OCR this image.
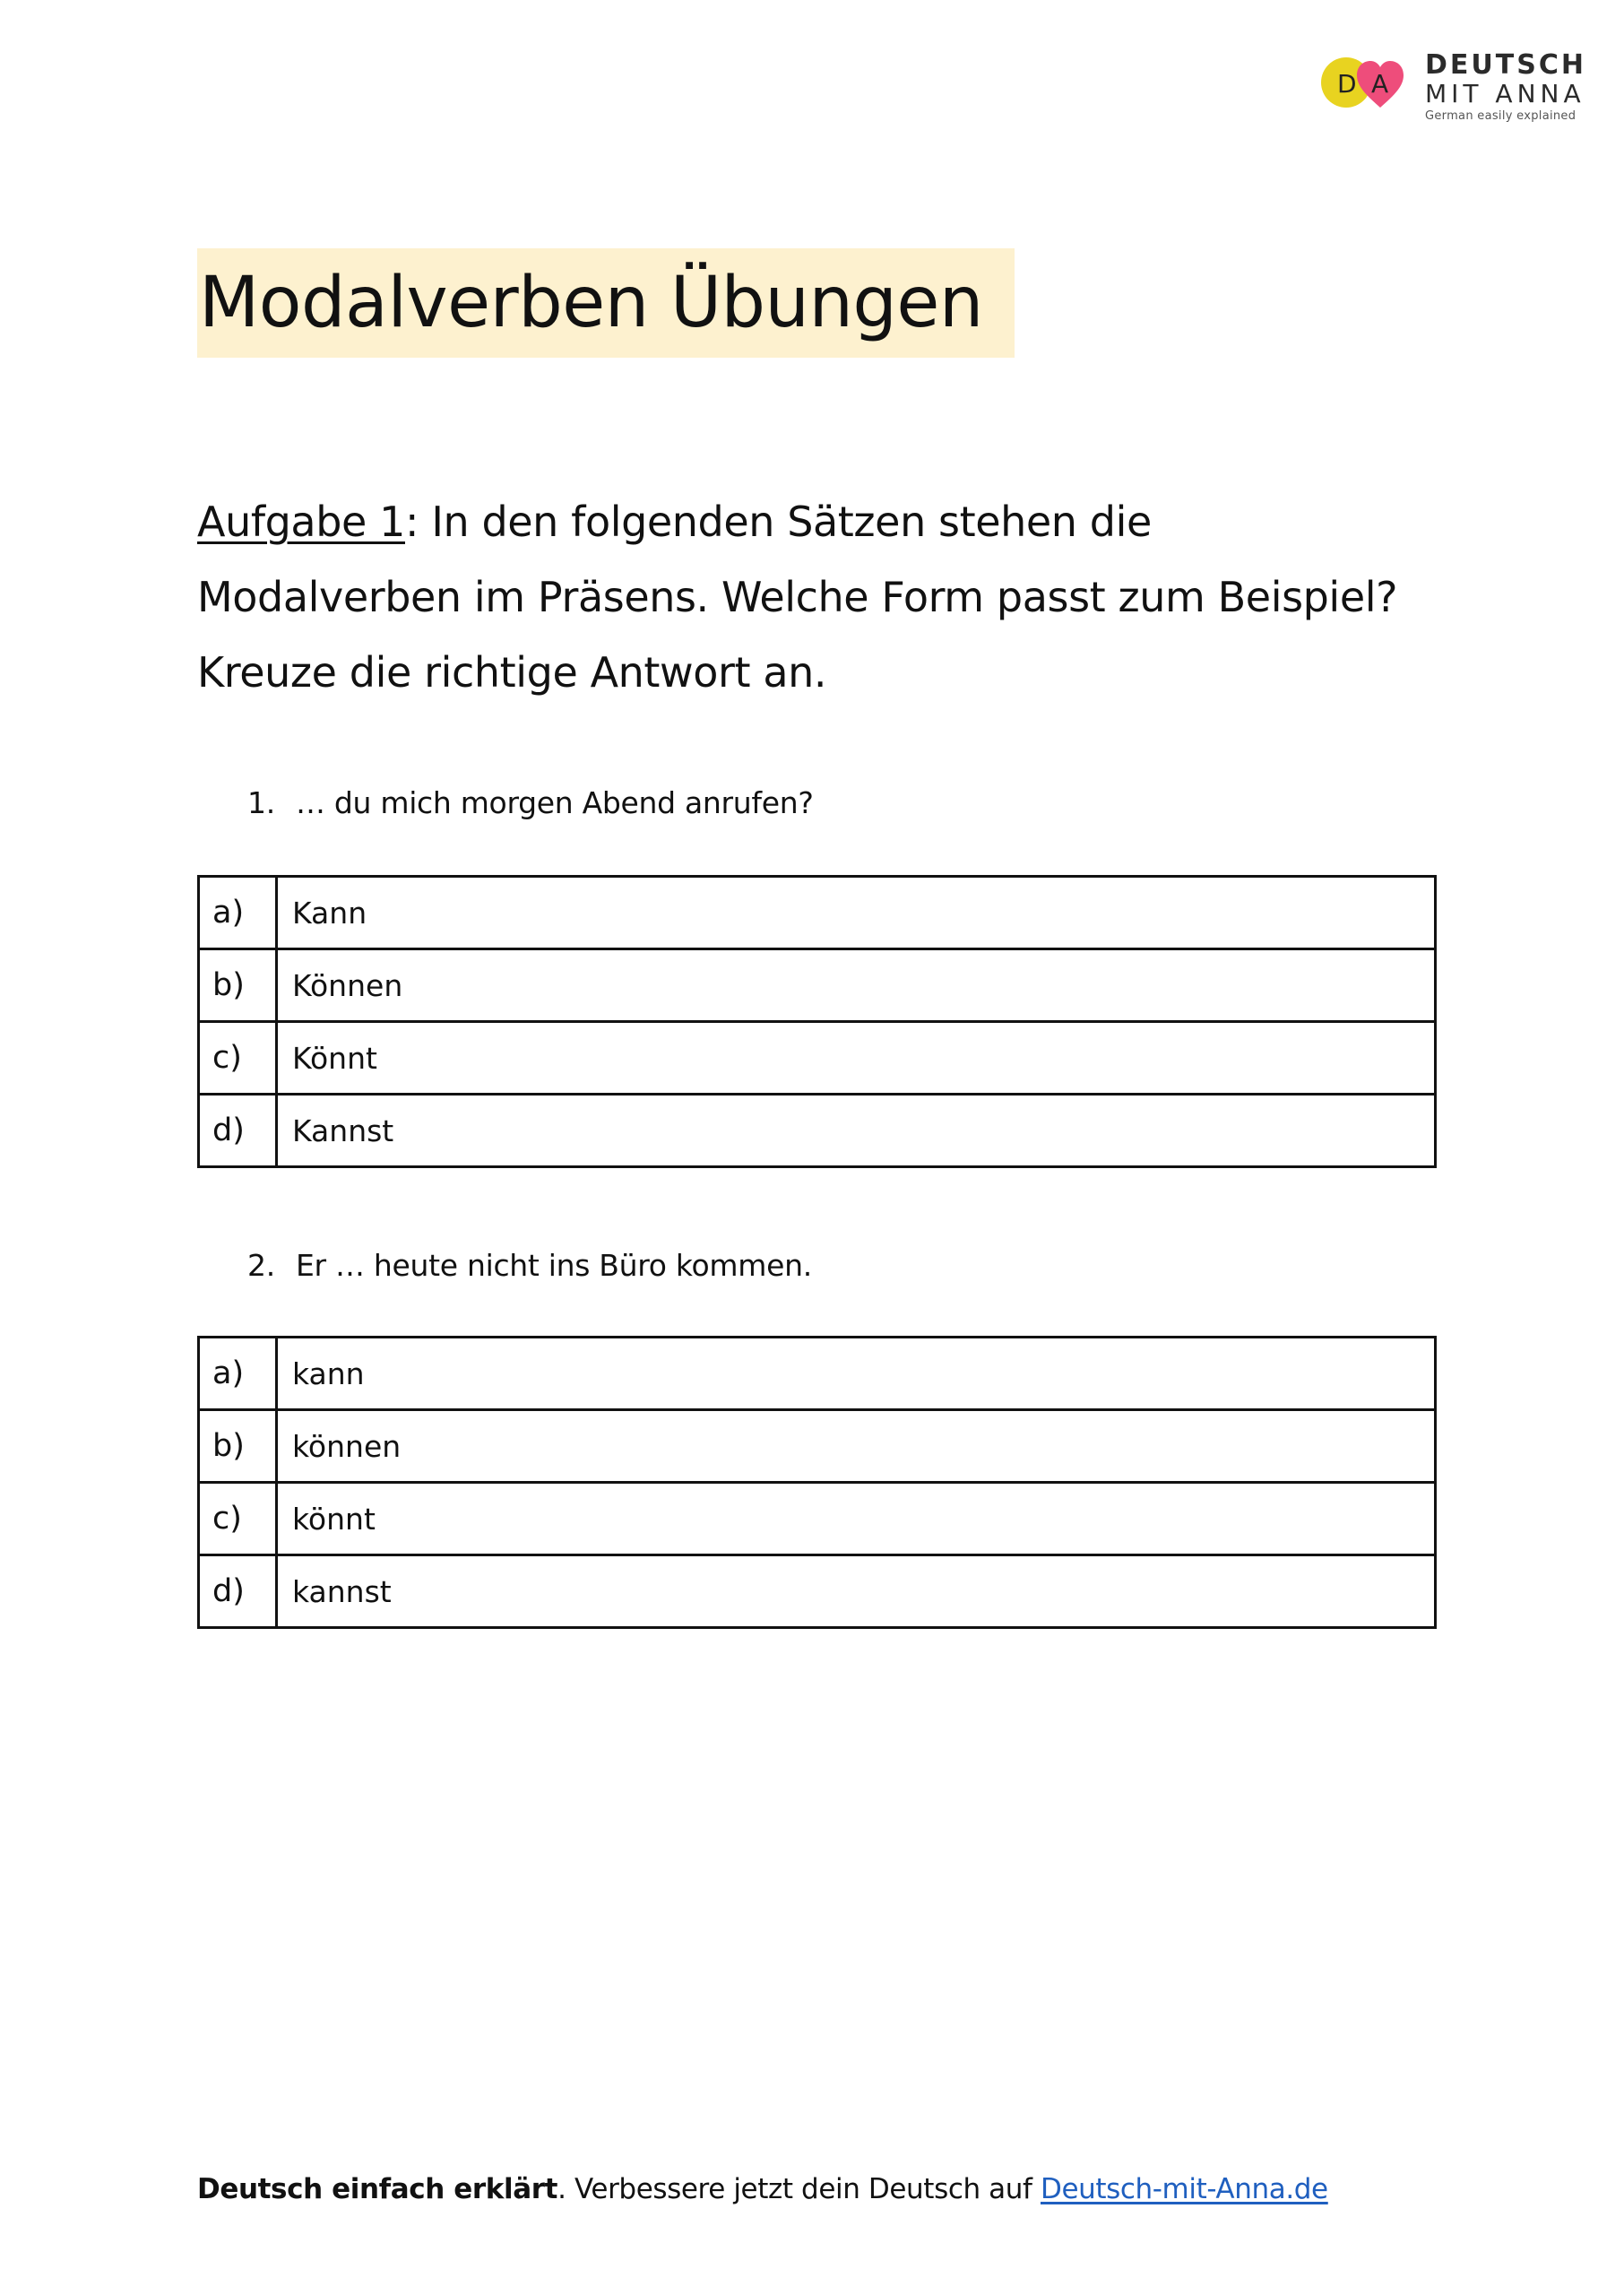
D A
DEUTSCH
MIT ANNA
German easily explained
Modalverben Übungen
Aufgabe 1: In den folgenden Sätzen stehen die Modalverben im Präsens. Welche Form passt zum Beispiel? Kreuze die richtige Antwort an.
1. … du mich morgen Abend anrufen?
a)	Kann
b)	Können
c)	Könnt
d)	Kannst
2. Er … heute nicht ins Büro kommen.
a)	kann
b)	können
c)	könnt
d)	kannst
Deutsch einfach erklärt. Verbessere jetzt dein Deutsch auf Deutsch-mit-Anna.de
